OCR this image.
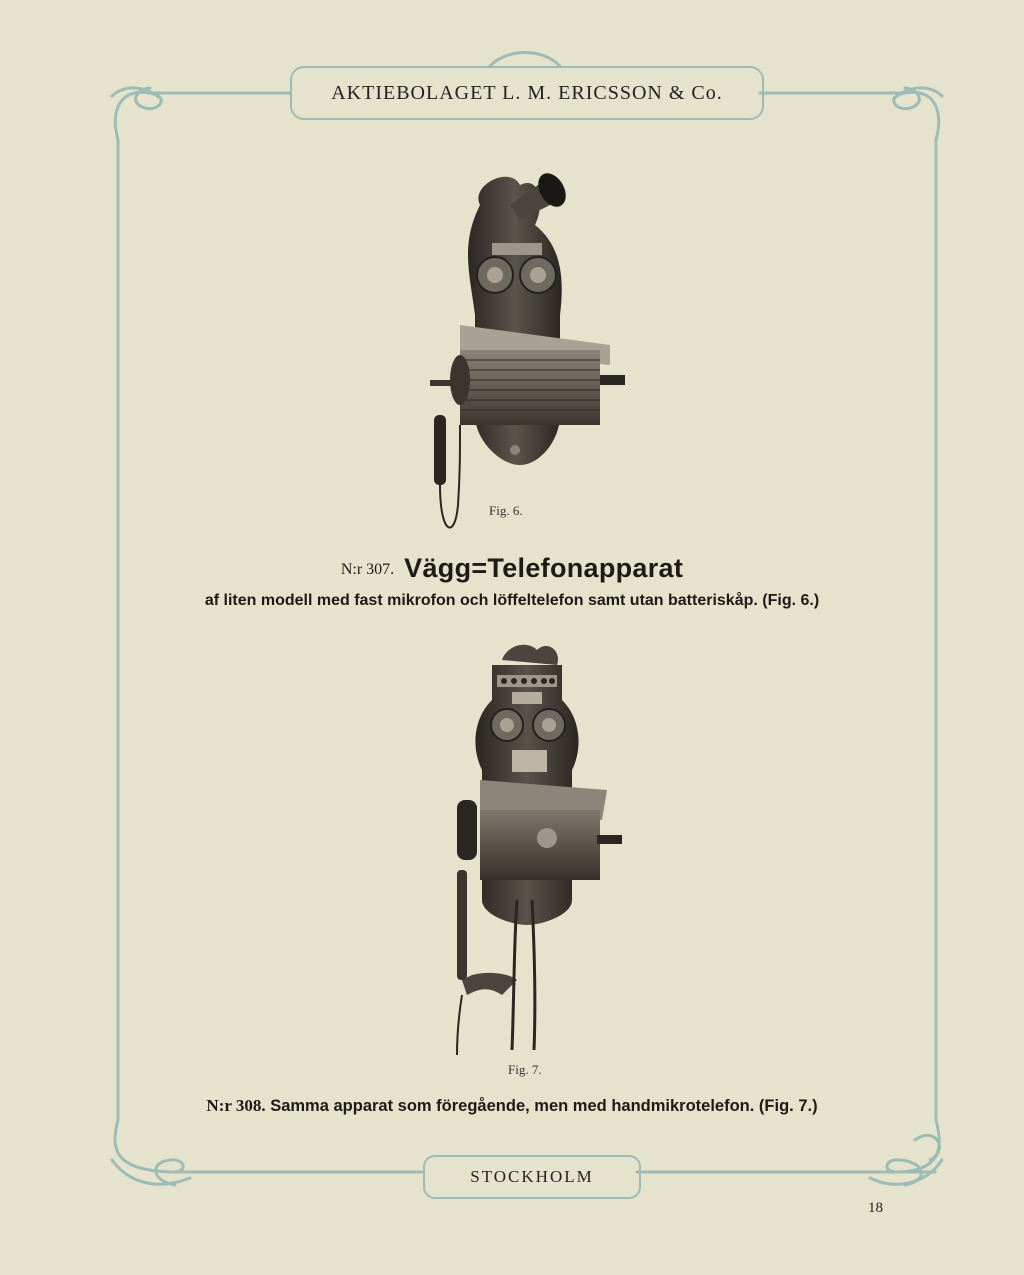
AKTIEBOLAGET L. M. ERICSSON & Co.
Fig. 6.
N:r 307. Vägg=Telefonapparat
af liten modell med fast mikrofon och löffeltelefon samt utan batteriskåp. (Fig. 6.)
Fig. 7.
N:r 308. Samma apparat som föregående, men med handmikrotelefon. (Fig. 7.)
STOCKHOLM
18
